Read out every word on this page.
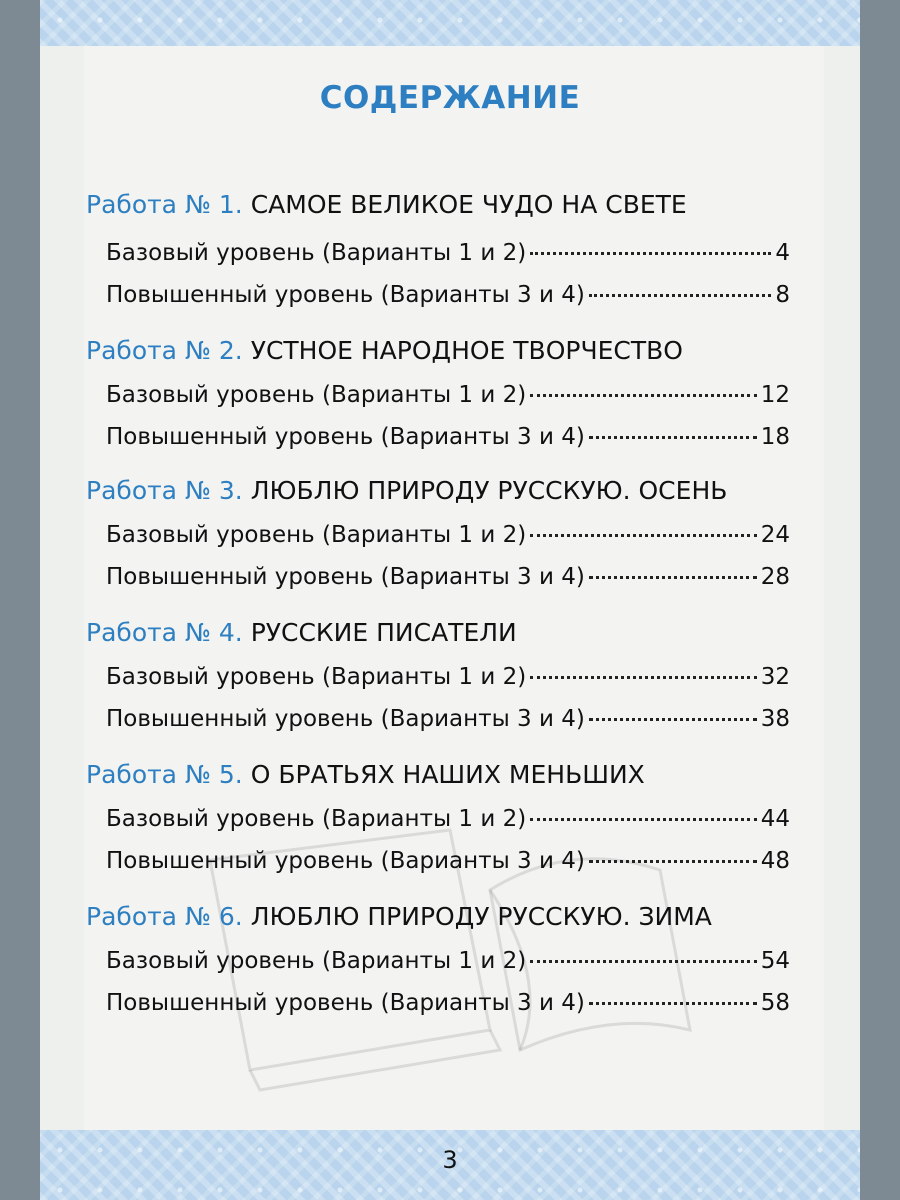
СОДЕРЖАНИЕ
Работа № 1. САМОЕ ВЕЛИКОЕ ЧУДО НА СВЕТЕ
Базовый уровень (Варианты 1 и 2)	4
Повышенный уровень (Варианты 3 и 4)	8
Работа № 2. УСТНОЕ НАРОДНОЕ ТВОРЧЕСТВО
Базовый уровень (Варианты 1 и 2)	12
Повышенный уровень (Варианты 3 и 4)	18
Работа № 3. ЛЮБЛЮ ПРИРОДУ РУССКУЮ. ОСЕНЬ
Базовый уровень (Варианты 1 и 2)	24
Повышенный уровень (Варианты 3 и 4)	28
Работа № 4. РУССКИЕ ПИСАТЕЛИ
Базовый уровень (Варианты 1 и 2)	32
Повышенный уровень (Варианты 3 и 4)	38
Работа № 5. О БРАТЬЯХ НАШИХ МЕНЬШИХ
Базовый уровень (Варианты 1 и 2)	44
Повышенный уровень (Варианты 3 и 4)	48
Работа № 6. ЛЮБЛЮ ПРИРОДУ РУССКУЮ. ЗИМА
Базовый уровень (Варианты 1 и 2)	54
Повышенный уровень (Варианты 3 и 4)	58
3
